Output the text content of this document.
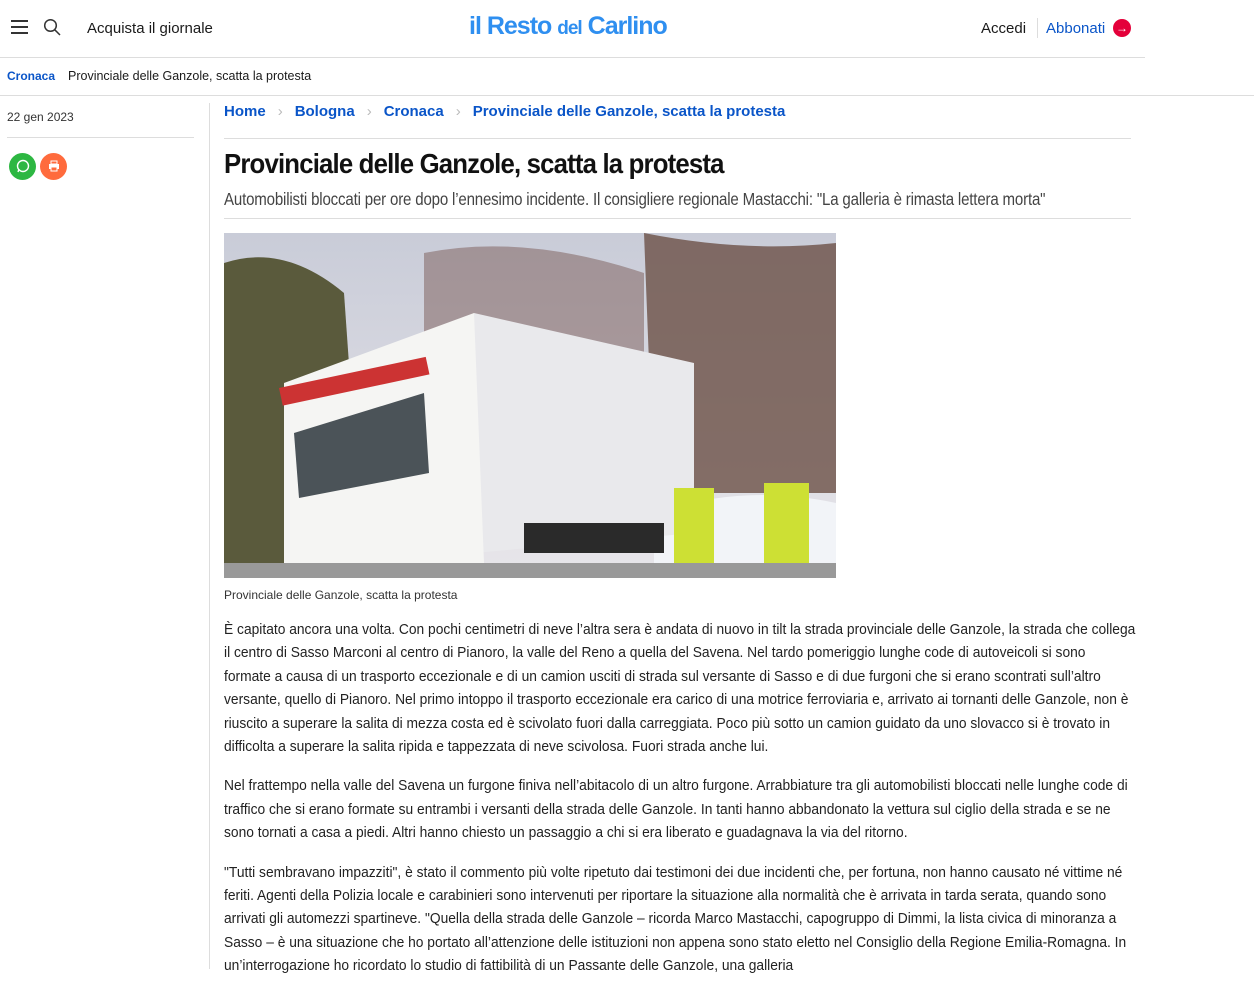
Acquista il giornale	il Resto del Carlino	Accedi Abbonati →
Cronaca Provinciale delle Ganzole, scatta la protesta
22 gen 2023	Home › Bologna › Cronaca › Provinciale delle Ganzole, scatta la protesta
Provinciale delle Ganzole, scatta la protesta
Automobilisti bloccati per ore dopo l’ennesimo incidente. Il consigliere regionale Mastacchi: "La galleria è rimasta lettera morta"
Provinciale delle Ganzole, scatta la protesta

È capitato ancora una volta. Con pochi centimetri di neve l’altra sera è andata di nuovo in tilt la strada provinciale delle Ganzole, la strada che collega il centro di Sasso Marconi al centro di Pianoro, la valle del Reno a quella del Savena. Nel tardo pomeriggio lunghe code di autoveicoli si sono formate a causa di un trasporto eccezionale e di un camion usciti di strada sul versante di Sasso e di due furgoni che si erano scontrati sull’altro versante, quello di Pianoro. Nel primo intoppo il trasporto eccezionale era carico di una motrice ferroviaria e, arrivato ai tornanti delle Ganzole, non è riuscito a superare la salita di mezza costa ed è scivolato fuori dalla carreggiata. Poco più sotto un camion guidato da uno slovacco si è trovato in difficolta a superare la salita ripida e tappezzata di neve scivolosa. Fuori strada anche lui.

Nel frattempo nella valle del Savena un furgone finiva nell’abitacolo di un altro furgone. Arrabbiature tra gli automobilisti bloccati nelle lunghe code di traffico che si erano formate su entrambi i versanti della strada delle Ganzole. In tanti hanno abbandonato la vettura sul ciglio della strada e se ne sono tornati a casa a piedi. Altri hanno chiesto un passaggio a chi si era liberato e guadagnava la via del ritorno.

"Tutti sembravano impazziti", è stato il commento più volte ripetuto dai testimoni dei due incidenti che, per fortuna, non hanno causato né vittime né feriti. Agenti della Polizia locale e carabinieri sono intervenuti per riportare la situazione alla normalità che è arrivata in tarda serata, quando sono arrivati gli automezzi spartineve. "Quella della strada delle Ganzole – ricorda Marco Mastacchi, capogruppo di Dimmi, la lista civica di minoranza a Sasso – è una situazione che ho portato all’attenzione delle istituzioni non appena sono stato eletto nel Consiglio della Regione Emilia-Romagna. In un’interrogazione ho ricordato lo studio di fattibilità di un Passante delle Ganzole, una galleria
